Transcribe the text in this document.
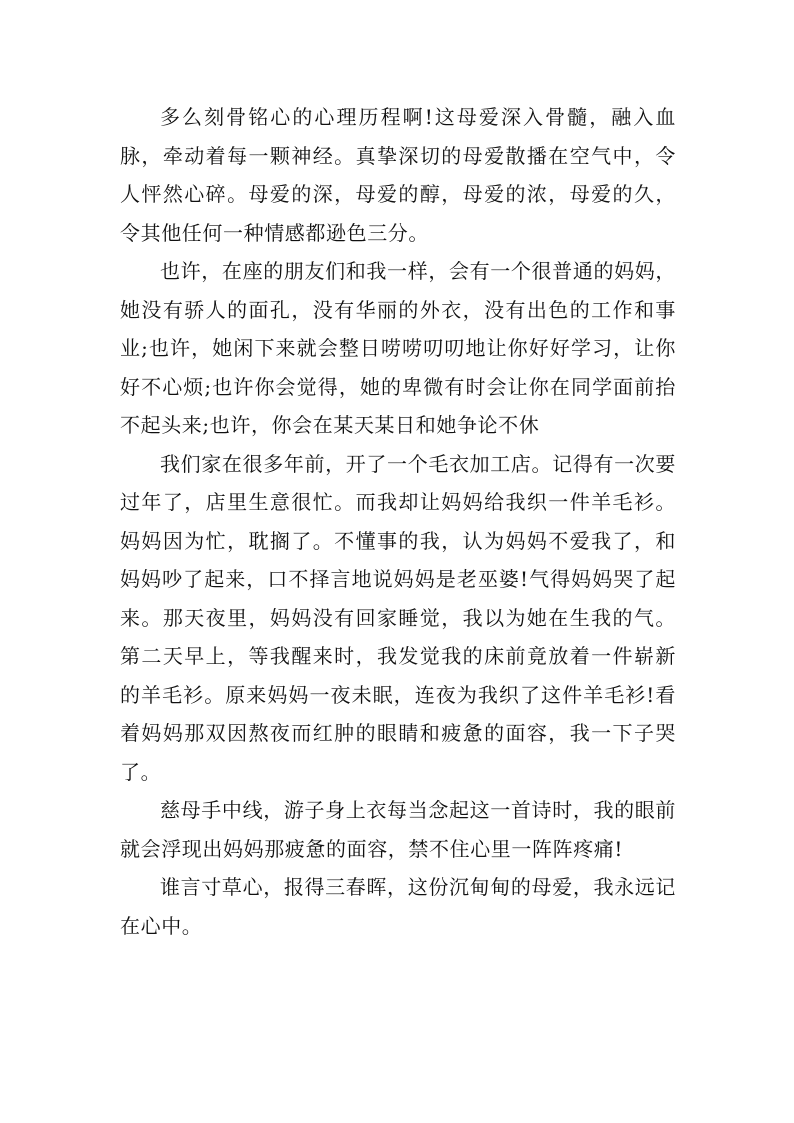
多么刻骨铭心的心理历程啊!这母爱深入骨髓，融入血脉，牵动着每一颗神经。真挚深切的母爱散播在空气中，令人怦然心碎。母爱的深，母爱的醇，母爱的浓，母爱的久，令其他任何一种情感都逊色三分。

也许，在座的朋友们和我一样，会有一个很普通的妈妈，她没有骄人的面孔，没有华丽的外衣，没有出色的工作和事业;也许，她闲下来就会整日唠唠叨叨地让你好好学习，让你好不心烦;也许你会觉得，她的卑微有时会让你在同学面前抬不起头来;也许，你会在某天某日和她争论不休

我们家在很多年前，开了一个毛衣加工店。记得有一次要过年了，店里生意很忙。而我却让妈妈给我织一件羊毛衫。妈妈因为忙，耽搁了。不懂事的我，认为妈妈不爱我了，和妈妈吵了起来，口不择言地说妈妈是老巫婆!气得妈妈哭了起来。那天夜里，妈妈没有回家睡觉，我以为她在生我的气。第二天早上，等我醒来时，我发觉我的床前竟放着一件崭新的羊毛衫。原来妈妈一夜未眠，连夜为我织了这件羊毛衫!看着妈妈那双因熬夜而红肿的眼睛和疲惫的面容，我一下子哭了。

慈母手中线，游子身上衣每当念起这一首诗时，我的眼前就会浮现出妈妈那疲惫的面容，禁不住心里一阵阵疼痛!

谁言寸草心，报得三春晖，这份沉甸甸的母爱，我永远记在心中。
